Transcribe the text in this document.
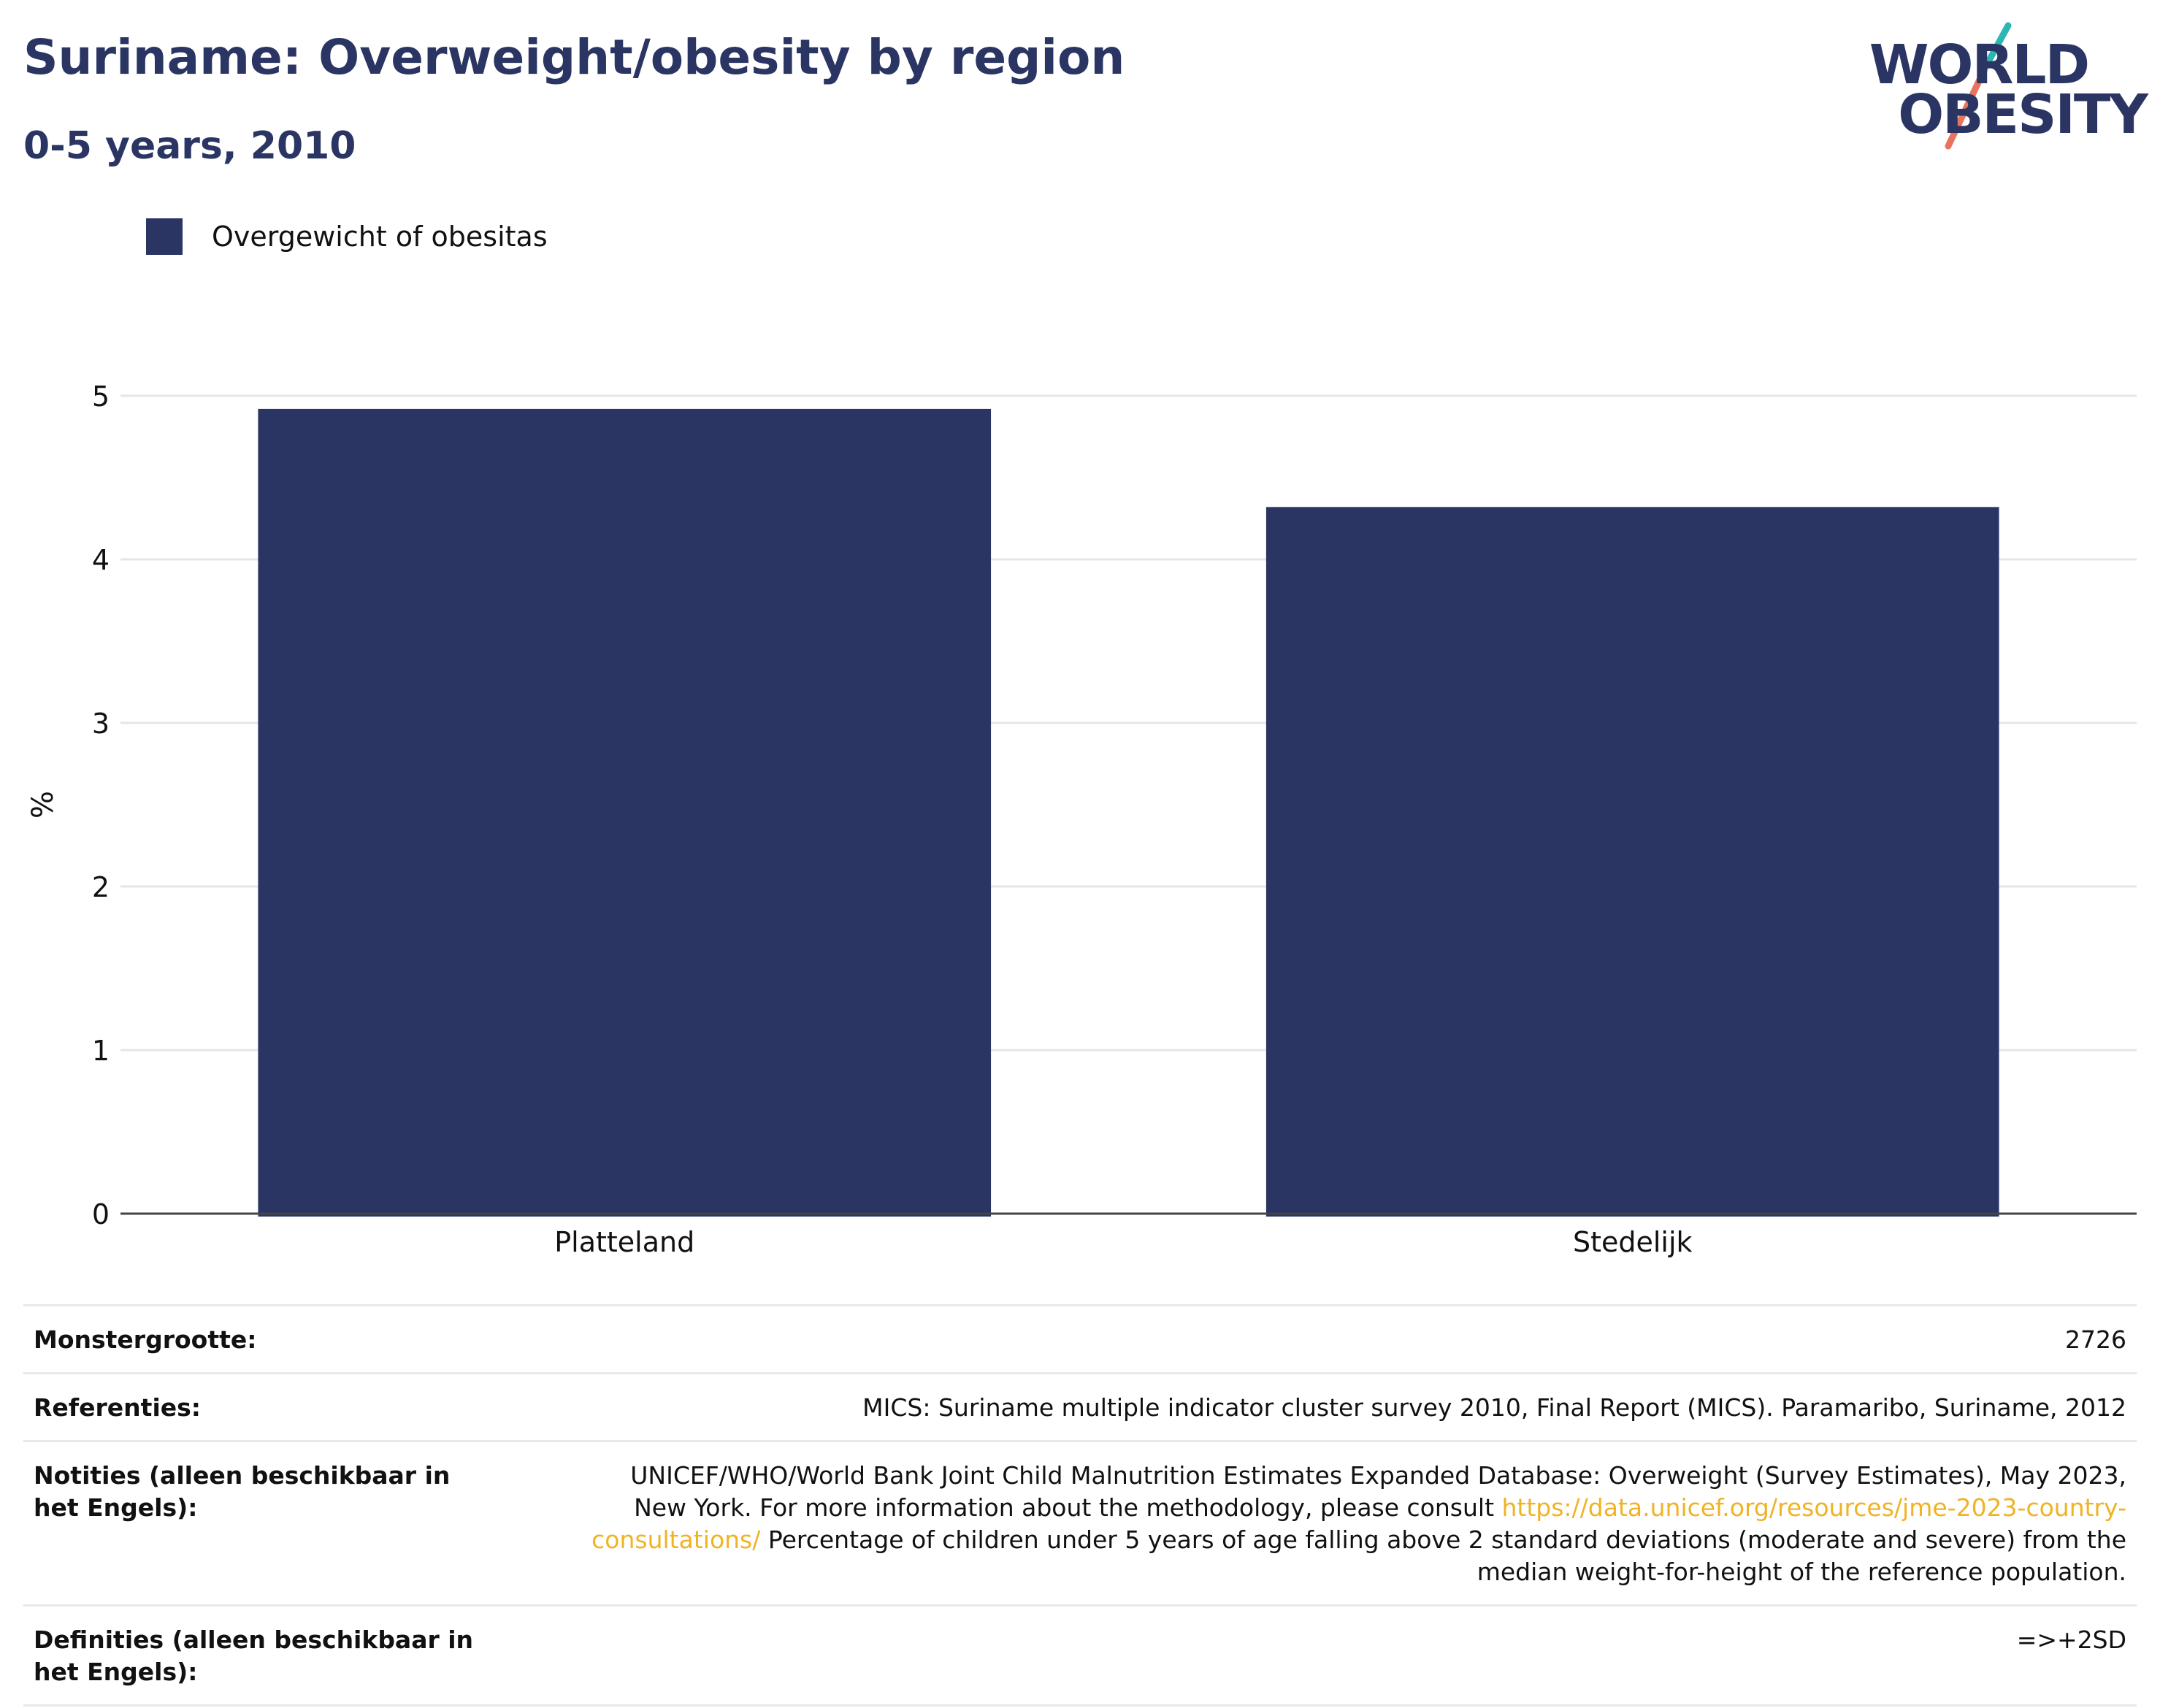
Suriname: Overweight/obesity by region
0-5 years, 2010
WORLD
OBESITY
Overgewicht of obesitas
0
1
2
3
4
5
Platteland	Stedelijk
%
Monstergrootte:	2726
Referenties:	MICS: Suriname multiple indicator cluster survey 2010, Final Report (MICS). Paramaribo, Suriname, 2012
Notities (alleen beschikbaar in het Engels):
UNICEF/WHO/World Bank Joint Child Malnutrition Estimates Expanded Database: Overweight (Survey Estimates), May 2023, New York. For more information about the methodology, please consult https://data.unicef.org/resources/jme-2023-country-consultations/ Percentage of children under 5 years of age falling above 2 standard deviations (moderate and severe) from the median weight-for-height of the reference population.
Definities (alleen beschikbaar in het Engels):
=>+2SD
